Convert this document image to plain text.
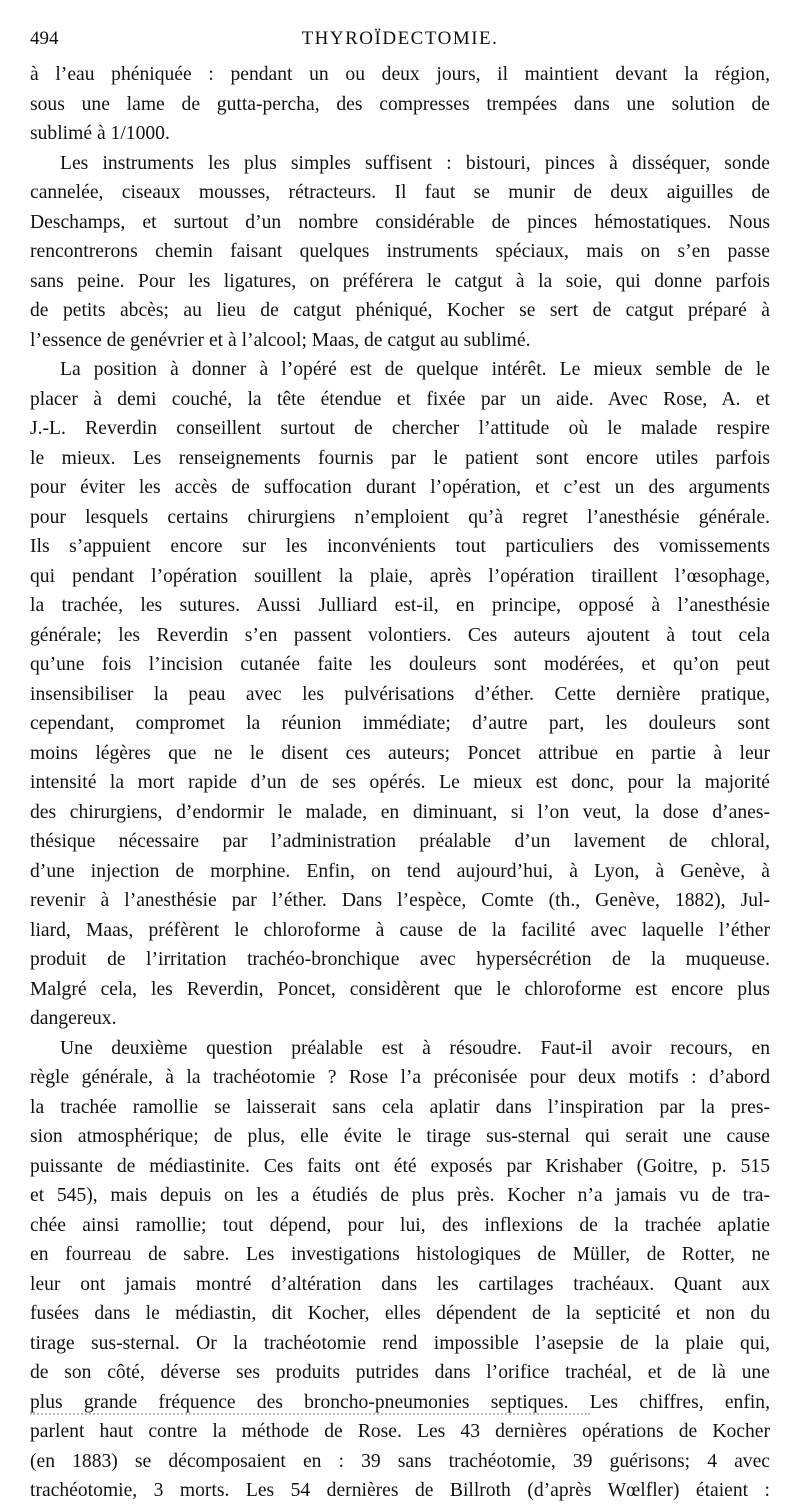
494	THYROÏDECTOMIE.
à l’eau phéniquée : pendant un ou deux jours, il maintient devant la région,
sous une lame de gutta-percha, des compresses trempées dans une solution de
sublimé à 1/1000.
Les instruments les plus simples suffisent : bistouri, pinces à disséquer, sonde
cannelée, ciseaux mousses, rétracteurs. Il faut se munir de deux aiguilles de
Deschamps, et surtout d’un nombre considérable de pinces hémostatiques. Nous
rencontrerons chemin faisant quelques instruments spéciaux, mais on s’en passe
sans peine. Pour les ligatures, on préférera le catgut à la soie, qui donne parfois
de petits abcès; au lieu de catgut phéniqué, Kocher se sert de catgut préparé à
l’essence de genévrier et à l’alcool; Maas, de catgut au sublimé.
La position à donner à l’opéré est de quelque intérêt. Le mieux semble de le
placer à demi couché, la tête étendue et fixée par un aide. Avec Rose, A. et
J.-L. Reverdin conseillent surtout de chercher l’attitude où le malade respire
le mieux. Les renseignements fournis par le patient sont encore utiles parfois
pour éviter les accès de suffocation durant l’opération, et c’est un des arguments
pour lesquels certains chirurgiens n’emploient qu’à regret l’anesthésie générale.
Ils s’appuient encore sur les inconvénients tout particuliers des vomissements
qui pendant l’opération souillent la plaie, après l’opération tiraillent l’œsophage,
la trachée, les sutures. Aussi Julliard est-il, en principe, opposé à l’anesthésie
générale; les Reverdin s’en passent volontiers. Ces auteurs ajoutent à tout cela
qu’une fois l’incision cutanée faite les douleurs sont modérées, et qu’on peut
insensibiliser la peau avec les pulvérisations d’éther. Cette dernière pratique,
cependant, compromet la réunion immédiate; d’autre part, les douleurs sont
moins légères que ne le disent ces auteurs; Poncet attribue en partie à leur
intensité la mort rapide d’un de ses opérés. Le mieux est donc, pour la majorité
des chirurgiens, d’endormir le malade, en diminuant, si l’on veut, la dose d’anes-
thésique nécessaire par l’administration préalable d’un lavement de chloral,
d’une injection de morphine. Enfin, on tend aujourd’hui, à Lyon, à Genève, à
revenir à l’anesthésie par l’éther. Dans l’espèce, Comte (th., Genève, 1882), Jul-
liard, Maas, préfèrent le chloroforme à cause de la facilité avec laquelle l’éther
produit de l’irritation trachéo-bronchique avec hypersécrétion de la muqueuse.
Malgré cela, les Reverdin, Poncet, considèrent que le chloroforme est encore plus
dangereux.
Une deuxième question préalable est à résoudre. Faut-il avoir recours, en
règle générale, à la trachéotomie ? Rose l’a préconisée pour deux motifs : d’abord
la trachée ramollie se laisserait sans cela aplatir dans l’inspiration par la pres-
sion atmosphérique; de plus, elle évite le tirage sus-sternal qui serait une cause
puissante de médiastinite. Ces faits ont été exposés par Krishaber (Goitre, p. 515
et 545), mais depuis on les a étudiés de plus près. Kocher n’a jamais vu de tra-
chée ainsi ramollie; tout dépend, pour lui, des inflexions de la trachée aplatie
en fourreau de sabre. Les investigations histologiques de Müller, de Rotter, ne
leur ont jamais montré d’altération dans les cartilages trachéaux. Quant aux
fusées dans le médiastin, dit Kocher, elles dépendent de la septicité et non du
tirage sus-sternal. Or la trachéotomie rend impossible l’asepsie de la plaie qui,
de son côté, déverse ses produits putrides dans l’orifice trachéal, et de là une
plus grande fréquence des broncho-pneumonies septiques. Les chiffres, enfin,
parlent haut contre la méthode de Rose. Les 43 dernières opérations de Kocher
(en 1883) se décomposaient en : 39 sans trachéotomie, 39 guérisons; 4 avec
trachéotomie, 3 morts. Les 54 dernières de Billroth (d’après Wœlfler) étaient :
